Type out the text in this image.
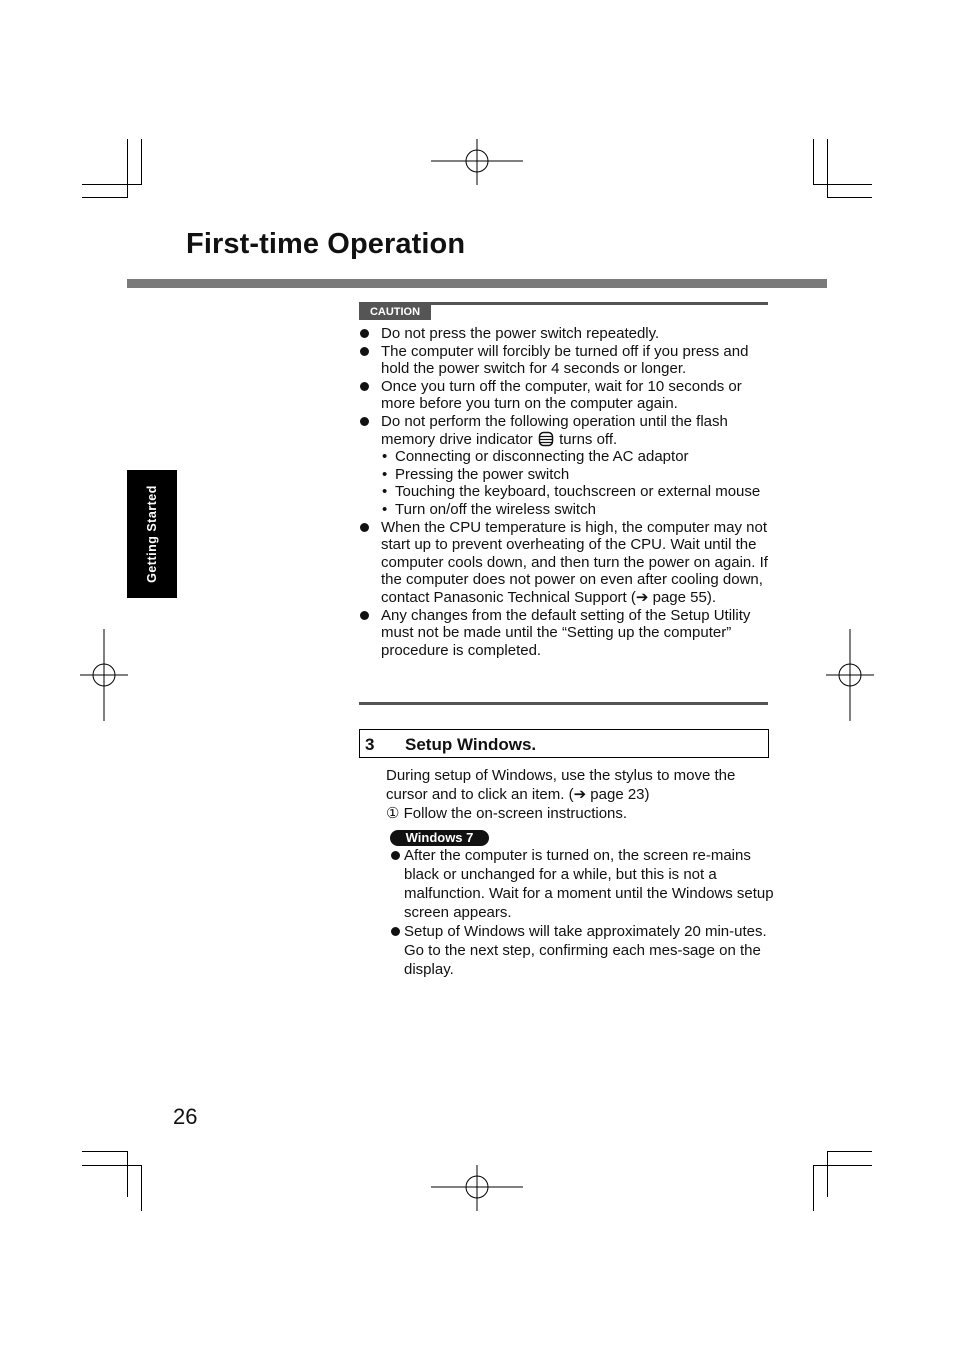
First-time Operation
Getting Started
CAUTION
Do not press the power switch repeatedly.
The computer will forcibly be turned off if you press and hold the power switch for 4 seconds or longer.
Once you turn off the computer, wait for 10 seconds or more before you turn on the computer again.
Do not perform the following operation until the flash memory drive indicator turns off.
• Connecting or disconnecting the AC adaptor
• Pressing the power switch
• Touching the keyboard, touchscreen or external mouse
• Turn on/off the wireless switch
When the CPU temperature is high, the computer may not start up to prevent overheating of the CPU. Wait until the computer cools down, and then turn the power on again. If the computer does not power on even after cooling down, contact Panasonic Technical Support (➔ page 55).
Any changes from the default setting of the Setup Utility must not be made until the “Setting up the computer” procedure is completed.
3 Setup Windows.
During setup of Windows, use the stylus to move the cursor and to click an item. (➔ page 23)
① Follow the on-screen instructions.
Windows 7
After the computer is turned on, the screen re-mains black or unchanged for a while, but this is not a malfunction. Wait for a moment until the Windows setup screen appears.
Setup of Windows will take approximately 20 min-utes. Go to the next step, confirming each mes-sage on the display.
26
